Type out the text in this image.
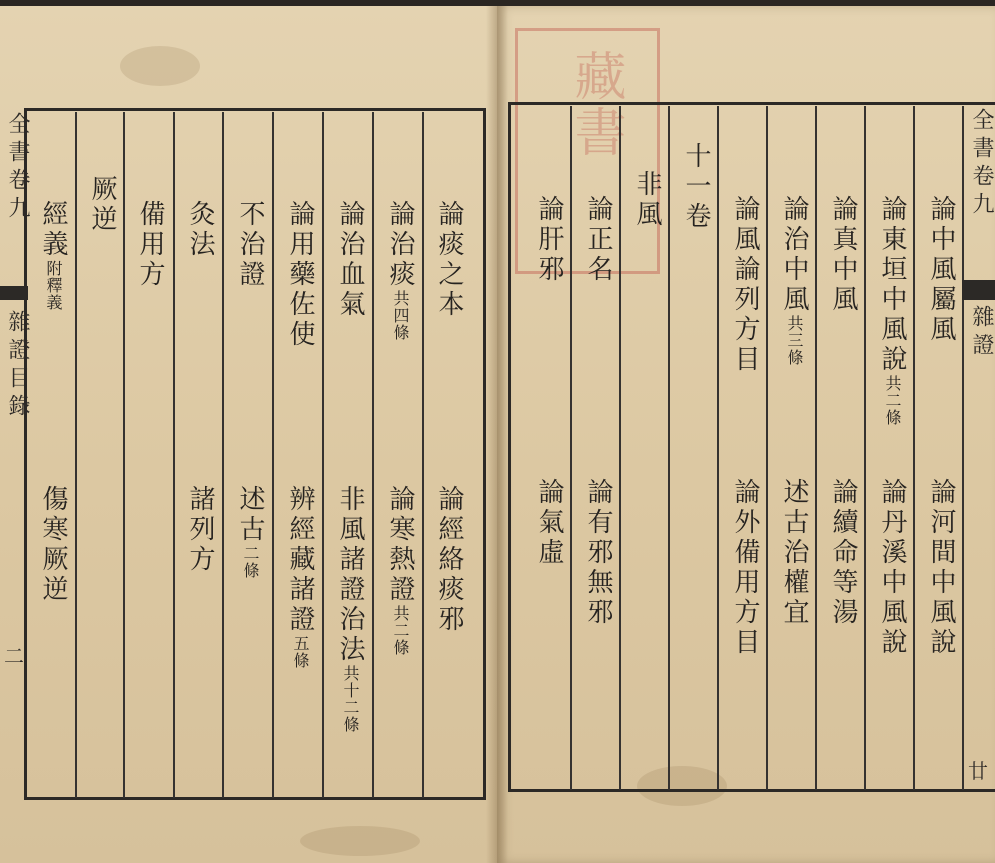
藏書
全書卷九
雜證目錄
二
論痰之本
論經絡痰邪
論治痰共四條
論寒熱證共二條
論治血氣
非風諸證治法共十二條
論用藥佐使
辨經藏諸證五條
不治證
述古二條
灸法
諸列方
備用方
厥逆
經義附釋義
傷寒厥逆
全書卷九
雜證
廿
論中風屬風
論河間中風說
論東垣中風說共二條
論丹溪中風說
論真中風
論續命等湯
論治中風共三條
述古治權宜
論風論列方目
論外備用方目
十一卷
非風
論正名
論有邪無邪
論肝邪
論氣虛
